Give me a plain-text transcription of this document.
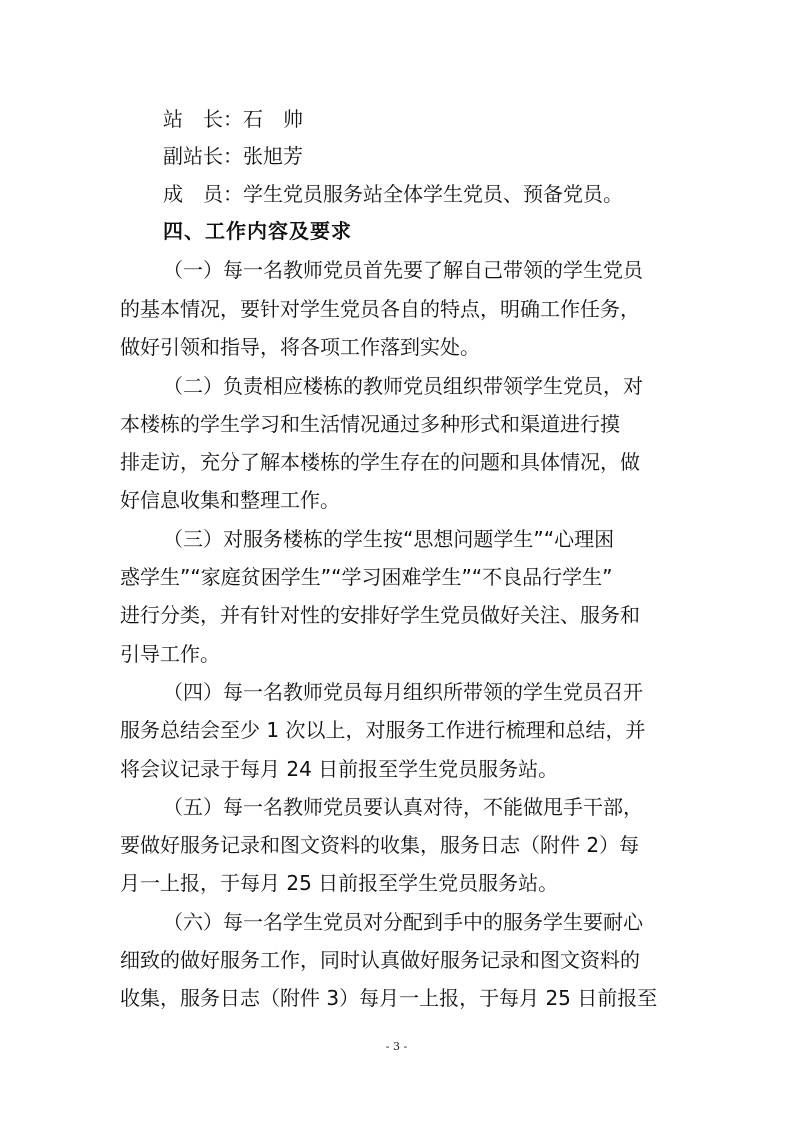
站　长：石　帅
副站长：张旭芳
成　员：学生党员服务站全体学生党员、预备党员。
四、工作内容及要求
（一）每一名教师党员首先要了解自己带领的学生党员
的基本情况，要针对学生党员各自的特点，明确工作任务，
做好引领和指导，将各项工作落到实处。
（二）负责相应楼栋的教师党员组织带领学生党员，对
本楼栋的学生学习和生活情况通过多种形式和渠道进行摸
排走访，充分了解本楼栋的学生存在的问题和具体情况，做
好信息收集和整理工作。
（三）对服务楼栋的学生按“思想问题学生”“心理困
惑学生”“家庭贫困学生”“学习困难学生”“不良品行学生”
进行分类，并有针对性的安排好学生党员做好关注、服务和
引导工作。
（四）每一名教师党员每月组织所带领的学生党员召开
服务总结会至少 1 次以上，对服务工作进行梳理和总结，并
将会议记录于每月 24 日前报至学生党员服务站。
（五）每一名教师党员要认真对待，不能做甩手干部，
要做好服务记录和图文资料的收集，服务日志（附件 2）每
月一上报，于每月 25 日前报至学生党员服务站。
（六）每一名学生党员对分配到手中的服务学生要耐心
细致的做好服务工作，同时认真做好服务记录和图文资料的
收集，服务日志（附件 3）每月一上报，于每月 25 日前报至
- 3 -
